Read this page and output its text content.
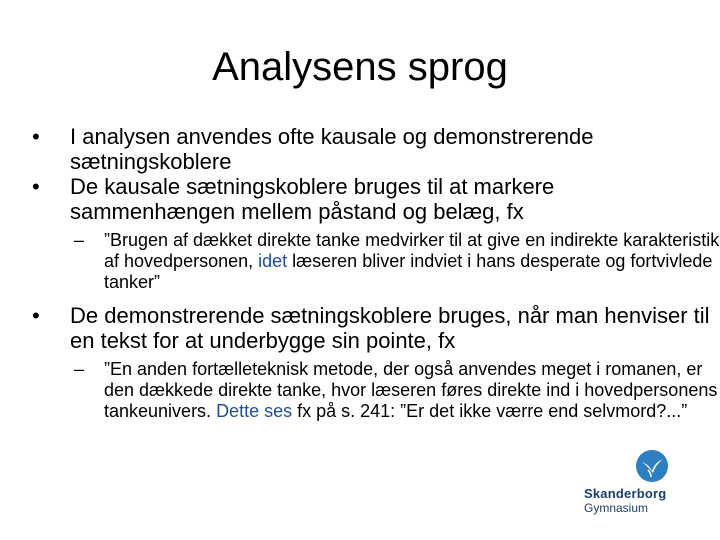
Analysens sprog
• I analysen anvendes ofte kausale og demonstrerende sætningskoblere
• De kausale sætningskoblere bruges til at markere sammenhængen mellem påstand og belæg, fx
– ”Brugen af dækket direkte tanke medvirker til at give en indirekte karakteristik af hovedpersonen, idet læseren bliver indviet i hans desperate og fortvivlede tanker”
• De demonstrerende sætningskoblere bruges, når man henviser til en tekst for at underbygge sin pointe, fx
– ”En anden fortælleteknisk metode, der også anvendes meget i romanen, er den dækkede direkte tanke, hvor læseren føres direkte ind i hovedpersonens tankeunivers. Dette ses fx på s. 241: ”Er det ikke værre end selvmord?...”
Skanderborg
Gymnasium
